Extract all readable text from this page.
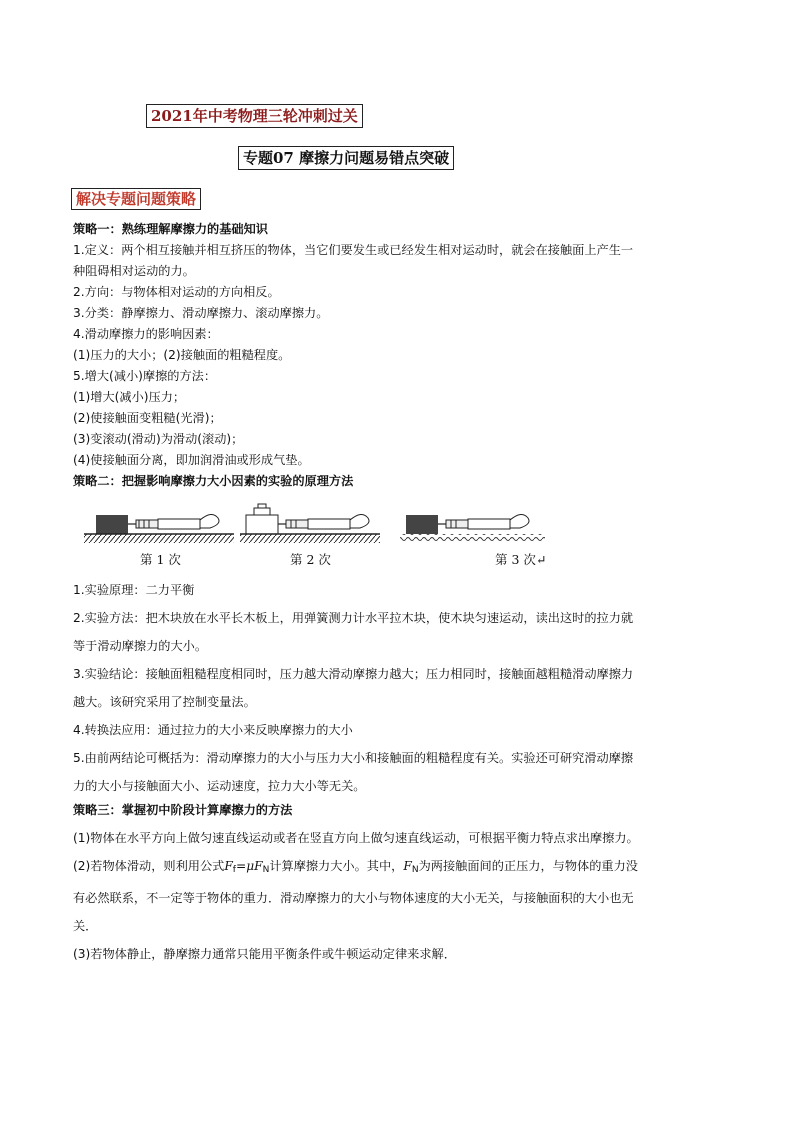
2021年中考物理三轮冲刺过关
专题07 摩擦力问题易错点突破
解决专题问题策略
策略一：熟练理解摩擦力的基础知识
1.定义：两个相互接触并相互挤压的物体，当它们要发生或已经发生相对运动时，就会在接触面上产生一
种阻碍相对运动的力。
2.方向：与物体相对运动的方向相反。
3.分类：静摩擦力、滑动摩擦力、滚动摩擦力。
4.滑动摩擦力的影响因素：
(1)压力的大小；(2)接触面的粗糙程度。
5.增大(减小)摩擦的方法：
(1)增大(减小)压力；
(2)使接触面变粗糙(光滑)；
(3)变滚动(滑动)为滑动(滚动)；
(4)使接触面分离，即加润滑油或形成气垫。
策略二：把握影响摩擦力大小因素的实验的原理方法
第 1 次	第 2 次	第 3 次↵
1.实验原理：二力平衡
2.实验方法：把木块放在水平长木板上，用弹簧测力计水平拉木块，使木块匀速运动，读出这时的拉力就
等于滑动摩擦力的大小。
3.实验结论：接触面粗糙程度相同时，压力越大滑动摩擦力越大；压力相同时，接触面越粗糙滑动摩擦力
越大。该研究采用了控制变量法。
4.转换法应用：通过拉力的大小来反映摩擦力的大小
5.由前两结论可概括为：滑动摩擦力的大小与压力大小和接触面的粗糙程度有关。实验还可研究滑动摩擦
力的大小与接触面大小、运动速度，拉力大小等无关。
策略三：掌握初中阶段计算摩擦力的方法
(1)物体在水平方向上做匀速直线运动或者在竖直方向上做匀速直线运动，可根据平衡力特点求出摩擦力。
(2)若物体滑动，则利用公式$F_f=\mu F_N$计算摩擦力大小。其中，$F_N$为两接触面间的正压力，与物体的重力没
有必然联系，不一定等于物体的重力．滑动摩擦力的大小与物体速度的大小无关，与接触面积的大小也无
关．
(3)若物体静止，静摩擦力通常只能用平衡条件或牛顿运动定律来求解．
